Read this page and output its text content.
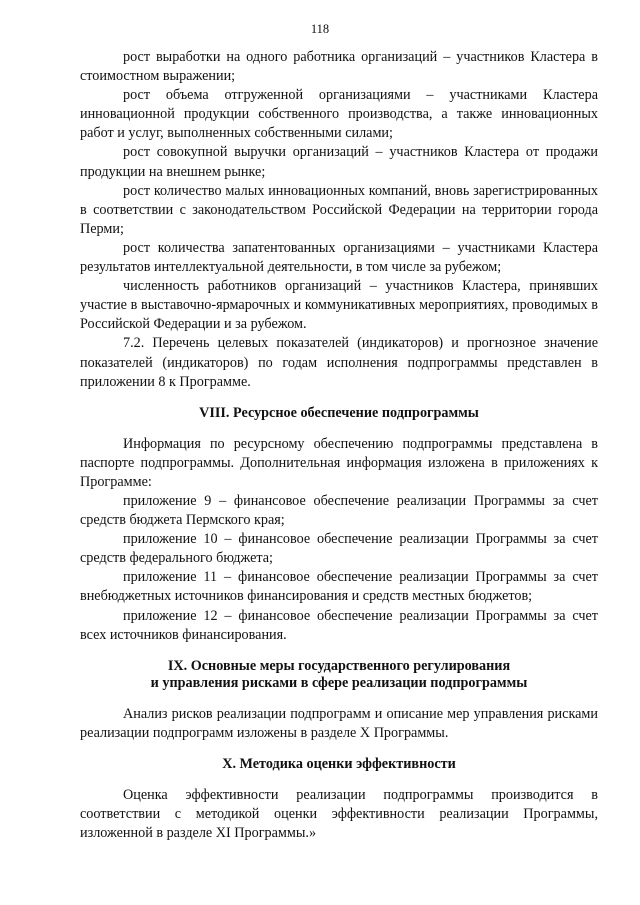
118

рост выработки на одного работника организаций – участников Кластера в стоимостном выражении;

рост объема отгруженной организациями – участниками Кластера инновационной продукции собственного производства, а также инновационных работ и услуг, выполненных собственными силами;

рост совокупной выручки организаций – участников Кластера от продажи продукции на внешнем рынке;

рост количество малых инновационных компаний, вновь зарегистрированных в соответствии с законодательством Российской Федерации на территории города Перми;

рост количества запатентованных организациями – участниками Кластера результатов интеллектуальной деятельности, в том числе за рубежом;

численность работников организаций – участников Кластера, принявших участие в выставочно-ярмарочных и коммуникативных мероприятиях, проводимых в Российской Федерации и за рубежом.

7.2. Перечень целевых показателей (индикаторов) и прогнозное значение показателей (индикаторов) по годам исполнения подпрограммы представлен в приложении 8 к Программе.

VIII. Ресурсное обеспечение подпрограммы

Информация по ресурсному обеспечению подпрограммы представлена в паспорте подпрограммы. Дополнительная информация изложена в приложениях к Программе:

приложение 9 – финансовое обеспечение реализации Программы за счет средств бюджета Пермского края;

приложение 10 – финансовое обеспечение реализации Программы за счет средств федерального бюджета;

приложение 11 – финансовое обеспечение реализации Программы за счет внебюджетных источников финансирования и средств местных бюджетов;

приложение 12 – финансовое обеспечение реализации Программы за счет всех источников финансирования.

IX. Основные меры государственного регулирования
и управления рисками в сфере реализации подпрограммы

Анализ рисков реализации подпрограмм и описание мер управления рисками реализации подпрограмм изложены в разделе X Программы.

X. Методика оценки эффективности

Оценка эффективности реализации подпрограммы производится в соответствии с методикой оценки эффективности реализации Программы, изложенной в разделе XI Программы.»
